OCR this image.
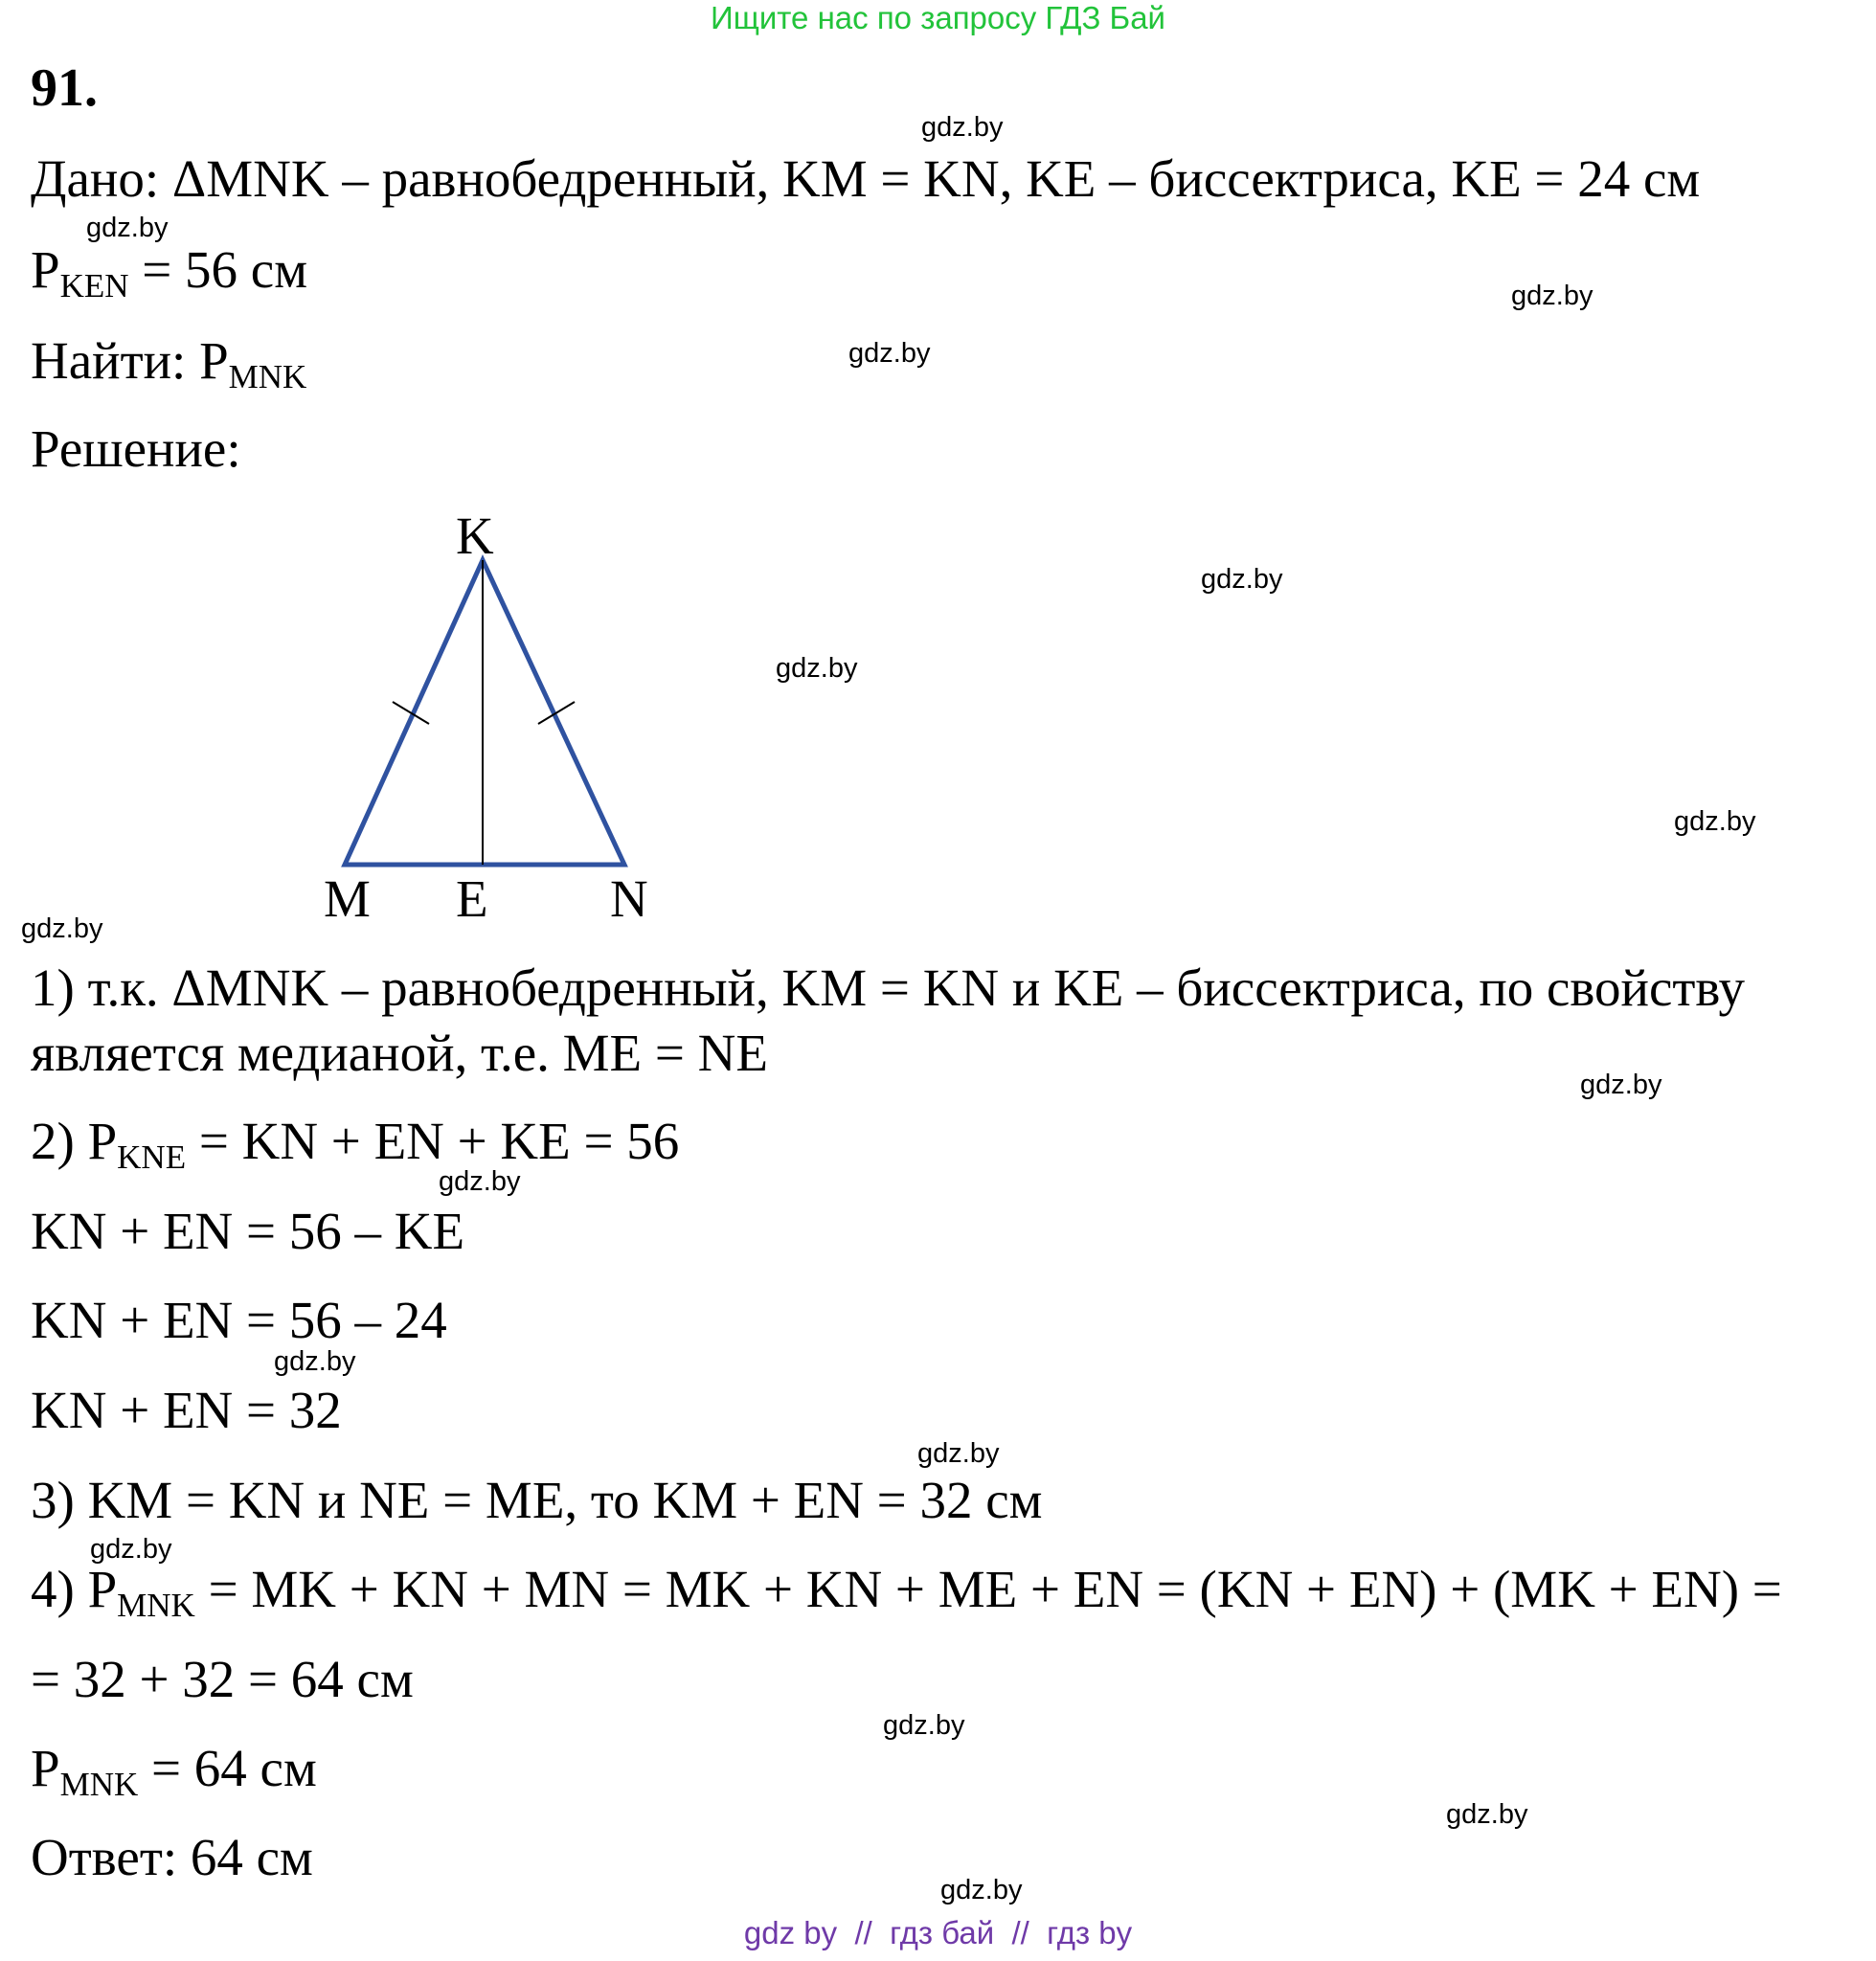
Ищите нас по запросу ГДЗ Бай
91.
Дано: ΔMNK – равнобедренный, KM = KN, KE – биссектриса, KE = 24 см
$P_{KEN} = 56$ см
Найти: $P_{MNK}$
Решение:
K
M E N
1) т.к. ΔMNK – равнобедренный, KM = KN и KE – биссектриса, по свойству
является медианой, т.е. ME = NE
2) $P_{KNE}$ = KN + EN + KE = 56
KN + EN = 56 – KE
KN + EN = 56 – 24
KN + EN = 32
3) KM = KN и NE = ME, то KM + EN = 32 см
4) $P_{MNK}$ = MK + KN + MN = MK + KN + ME + EN = (KN + EN) + (MK + EN) =
= 32 + 32 = 64 см
$P_{MNK} = 64$ см
Ответ: 64 см
gdz.by
gdz.by
gdz.by
gdz.by
gdz.by
gdz.by
gdz.by
gdz.by
gdz.by
gdz.by
gdz.by
gdz.by
gdz.by
gdz.by
gdz.by
gdz.by
gdz by  //  гдз бай  //  гдз by
